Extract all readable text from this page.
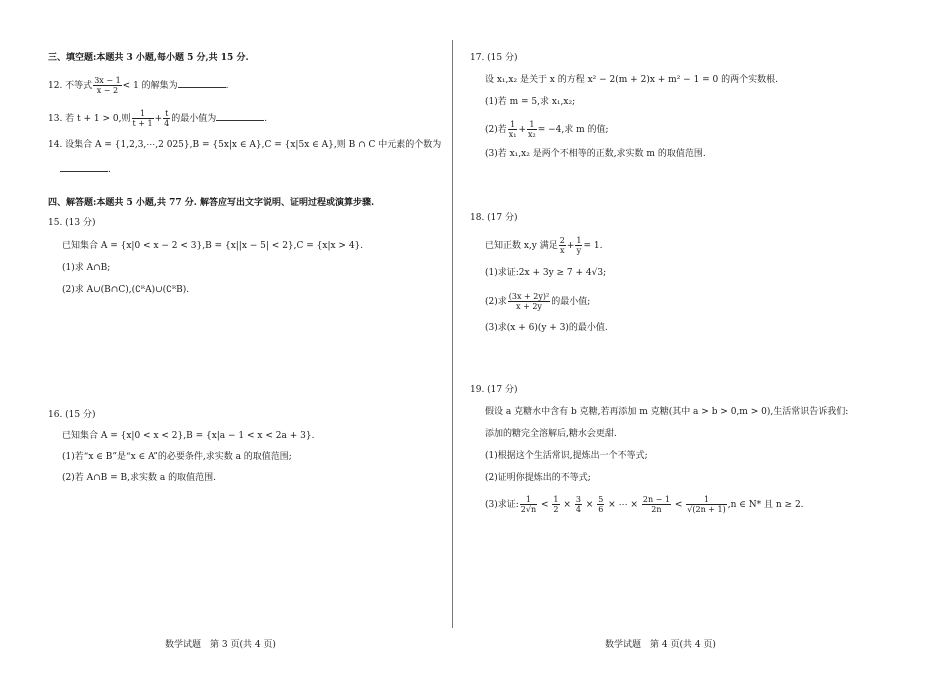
三、填空题:本题共 3 小题,每小题 5 分,共 15 分.
12. 不等式 $\frac{3x - 1}{x - 2} < 1$ 的解集为	.
13. 若 t + 1 > 0,则 $\frac{1}{t + 1} + \frac{t}{4}$ 的最小值为	.
14. 设集合 A = {1,2,3,⋯,2 025},B = {5x|x ∈ A},C = {x|5x ∈ A},则 B ∩ C 中元素的个数为
.
四、解答题:本题共 5 小题,共 77 分. 解答应写出文字说明、证明过程或演算步骤.
15. (13 分)
已知集合 A = {x|0 < x − 2 < 3},B = {x||x − 5| < 2},C = {x|x > 4}.
(1)求 A∩B;
(2)求 A∪(B∩C),(∁ᴿA)∪(∁ᴿB).
16. (15 分)
已知集合 A = {x|0 < x < 2},B = {x|a − 1 < x < 2a + 3}.
(1)若“x ∈ B”是“x ∈ A”的必要条件,求实数 a 的取值范围;
(2)若 A∩B = B,求实数 a 的取值范围.
数学试题　第 3 页(共 4 页)
17. (15 分)
设 x₁,x₂ 是关于 x 的方程 x² − 2(m + 2)x + m² − 1 = 0 的两个实数根.
(1)若 m = 5,求 x₁,x₂;
(2)若 $\frac{1}{\text{x₁}} + \frac{1}{\text{x₂}} = -4$,求 m 的值;
(3)若 x₁,x₂ 是两个不相等的正数,求实数 m 的取值范围.
18. (17 分)
已知正数 x,y 满足 $\frac{2}{x} + \frac{1}{y} = 1$.
(1)求证:2x + 3y ≥ 7 + 4√3;
(2)求 $\frac{\text{(3x + 2y)²}}{x + 2y}$ 的最小值;
(3)求(x + 6)(y + 3)的最小值.
19. (17 分)
假设 a 克糖水中含有 b 克糖,若再添加 m 克糖(其中 a > b > 0,m > 0),生活常识告诉我们:
添加的糖完全溶解后,糖水会更甜.
(1)根据这个生活常识,提炼出一个不等式;
(2)证明你提炼出的不等式;
(3)求证: $\frac{1}{2√n} < \frac{1}{2} \times \frac{3}{4} \times \frac{5}{6}$ × ⋯ × $\frac{2n - 1}{2n} < \frac{1}{√(2n + 1)} ,n$ ∈ N* 且 n ≥ 2.
数学试题　第 4 页(共 4 页)
